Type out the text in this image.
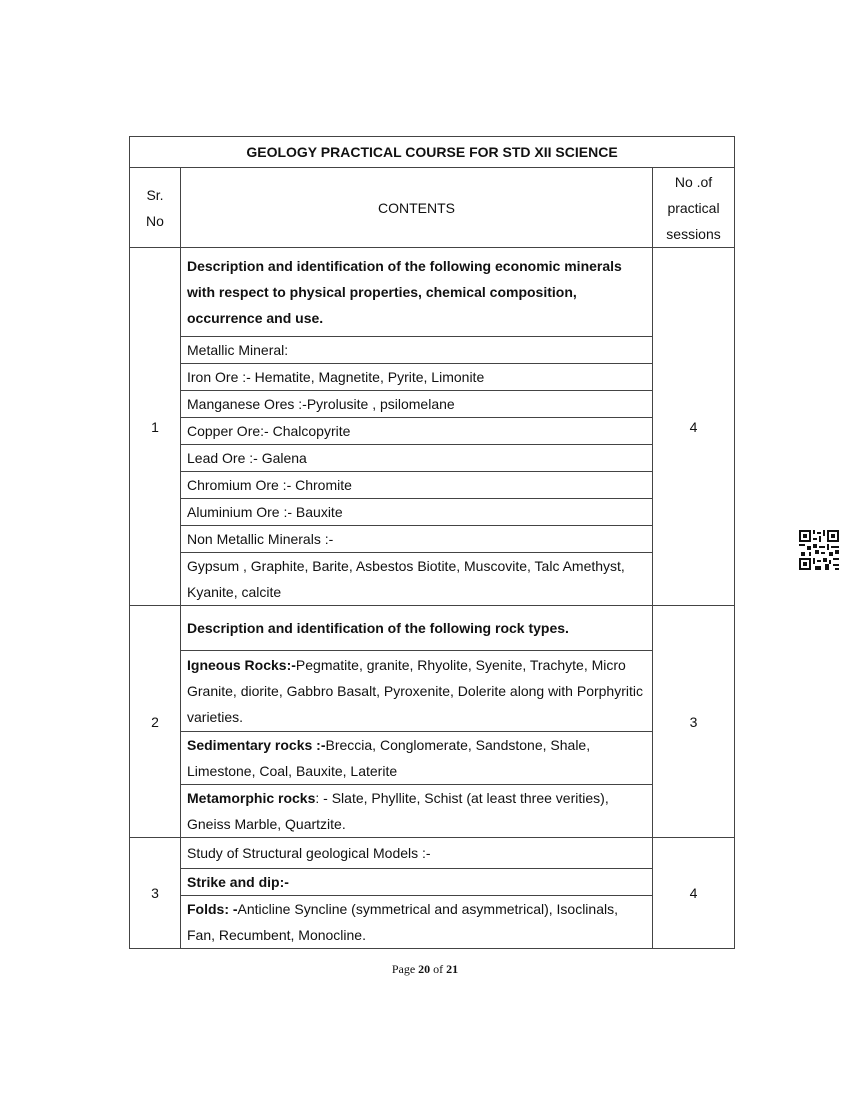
GEOLOGY PRACTICAL COURSE FOR STD XII SCIENCE		
Sr.
No	CONTENTS	No .of
practical
sessions
1	Description and identification of the following economic minerals with respect to physical properties, chemical composition, occurrence and use.	4
	Metallic Mineral:	
	Iron Ore :- Hematite, Magnetite, Pyrite, Limonite	
	Manganese Ores :-Pyrolusite , psilomelane	
	Copper Ore:- Chalcopyrite	
	Lead Ore :- Galena	
	Chromium Ore :- Chromite	
	Aluminium Ore :- Bauxite	
	Non Metallic Minerals :-	
	Gypsum , Graphite, Barite, Asbestos Biotite, Muscovite, Talc Amethyst, Kyanite, calcite	
2	Description and identification of the following rock types.	3
	Igneous Rocks:-Pegmatite, granite, Rhyolite, Syenite, Trachyte, Micro Granite, diorite, Gabbro Basalt, Pyroxenite, Dolerite along with Porphyritic varieties.	
	Sedimentary rocks :-Breccia, Conglomerate, Sandstone, Shale, Limestone, Coal, Bauxite, Laterite	
	Metamorphic rocks: - Slate, Phyllite, Schist (at least three verities), Gneiss Marble, Quartzite.	
3	Study of Structural geological Models :-	4
	Strike and dip:-	
	Folds: -Anticline Syncline (symmetrical and asymmetrical), Isoclinals, Fan, Recumbent, Monocline.	
Page 20 of 21
